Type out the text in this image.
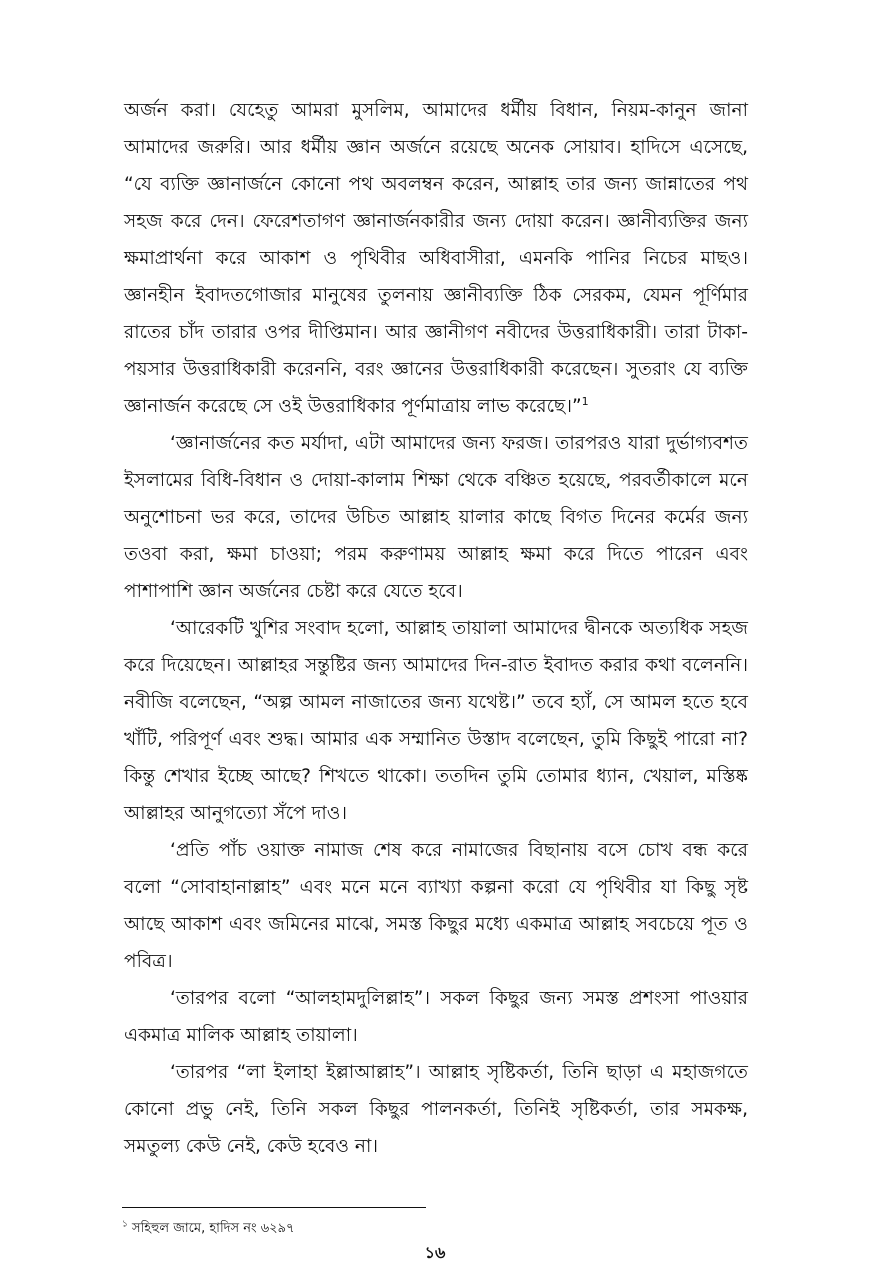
অর্জন করা। যেহেতু আমরা মুসলিম, আমাদের ধর্মীয় বিধান, নিয়ম-কানুন জানা আমাদের জরুরি। আর ধর্মীয় জ্ঞান অর্জনে রয়েছে অনেক সোয়াব। হাদিসে এসেছে, “যে ব্যক্তি জ্ঞানার্জনে কোনো পথ অবলম্বন করেন, আল্লাহ তার জন্য জান্নাতের পথ সহজ করে দেন। ফেরেশতাগণ জ্ঞানার্জনকারীর জন্য দোয়া করেন। জ্ঞানীব্যক্তির জন্য ক্ষমাপ্রার্থনা করে আকাশ ও পৃথিবীর অধিবাসীরা, এমনকি পানির নিচের মাছও। জ্ঞানহীন ইবাদতগোজার মানুষের তুলনায় জ্ঞানীব্যক্তি ঠিক সেরকম, যেমন পূর্ণিমার রাতের চাঁদ তারার ওপর দীপ্তিমান। আর জ্ঞানীগণ নবীদের উত্তরাধিকারী। তারা টাকা-পয়সার উত্তরাধিকারী করেননি, বরং জ্ঞানের উত্তরাধিকারী করেছেন। সুতরাং যে ব্যক্তি জ্ঞানার্জন করেছে সে ওই উত্তরাধিকার পূর্ণমাত্রায় লাভ করেছে।”$^1$

‘জ্ঞানার্জনের কত মর্যাদা, এটা আমাদের জন্য ফরজ। তারপরও যারা দুর্ভাগ্যবশত ইসলামের বিধি-বিধান ও দোয়া-কালাম শিক্ষা থেকে বঞ্চিত হয়েছে, পরবর্তীকালে মনে অনুশোচনা ভর করে, তাদের উচিত আল্লাহ য়ালার কাছে বিগত দিনের কর্মের জন্য তওবা করা, ক্ষমা চাওয়া; পরম করুণাময় আল্লাহ ক্ষমা করে দিতে পারেন এবং পাশাপাশি জ্ঞান অর্জনের চেষ্টা করে যেতে হবে।

‘আরেকটি খুশির সংবাদ হলো, আল্লাহ তায়ালা আমাদের দ্বীনকে অত্যধিক সহজ করে দিয়েছেন। আল্লাহর সন্তুষ্টির জন্য আমাদের দিন-রাত ইবাদত করার কথা বলেননি। নবীজি বলেছেন, “অল্প আমল নাজাতের জন্য যথেষ্ট।” তবে হ্যাঁ, সে আমল হতে হবে খাঁটি, পরিপূর্ণ এবং শুদ্ধ। আমার এক সম্মানিত উস্তাদ বলেছেন, তুমি কিছুই পারো না? কিন্তু শেখার ইচ্ছে আছে? শিখতে থাকো। ততদিন তুমি তোমার ধ্যান, খেয়াল, মস্তিষ্ক আল্লাহর আনুগত্যো সঁপে দাও।

‘প্রতি পাঁচ ওয়াক্ত নামাজ শেষ করে নামাজের বিছানায় বসে চোখ বন্ধ করে বলো “সোবাহানাল্লাহ” এবং মনে মনে ব্যাখ্যা কল্পনা করো যে পৃথিবীর যা কিছু সৃষ্ট আছে আকাশ এবং জমিনের মাঝে, সমস্ত কিছুর মধ্যে একমাত্র আল্লাহ সবচেয়ে পূত ও পবিত্র।

‘তারপর বলো “আলহামদুলিল্লাহ”। সকল কিছুর জন্য সমস্ত প্রশংসা পাওয়ার একমাত্র মালিক আল্লাহ তায়ালা।

‘তারপর “লা ইলাহা ইল্লাআল্লাহ”। আল্লাহ সৃষ্টিকর্তা, তিনি ছাড়া এ মহাজগতে কোনো প্রভু নেই, তিনি সকল কিছুর পালনকর্তা, তিনিই সৃষ্টিকর্তা, তার সমকক্ষ, সমতুল্য কেউ নেই, কেউ হবেও না।

$^১$ সহিহুল জামে, হাদিস নং ৬২৯৭
১৬
